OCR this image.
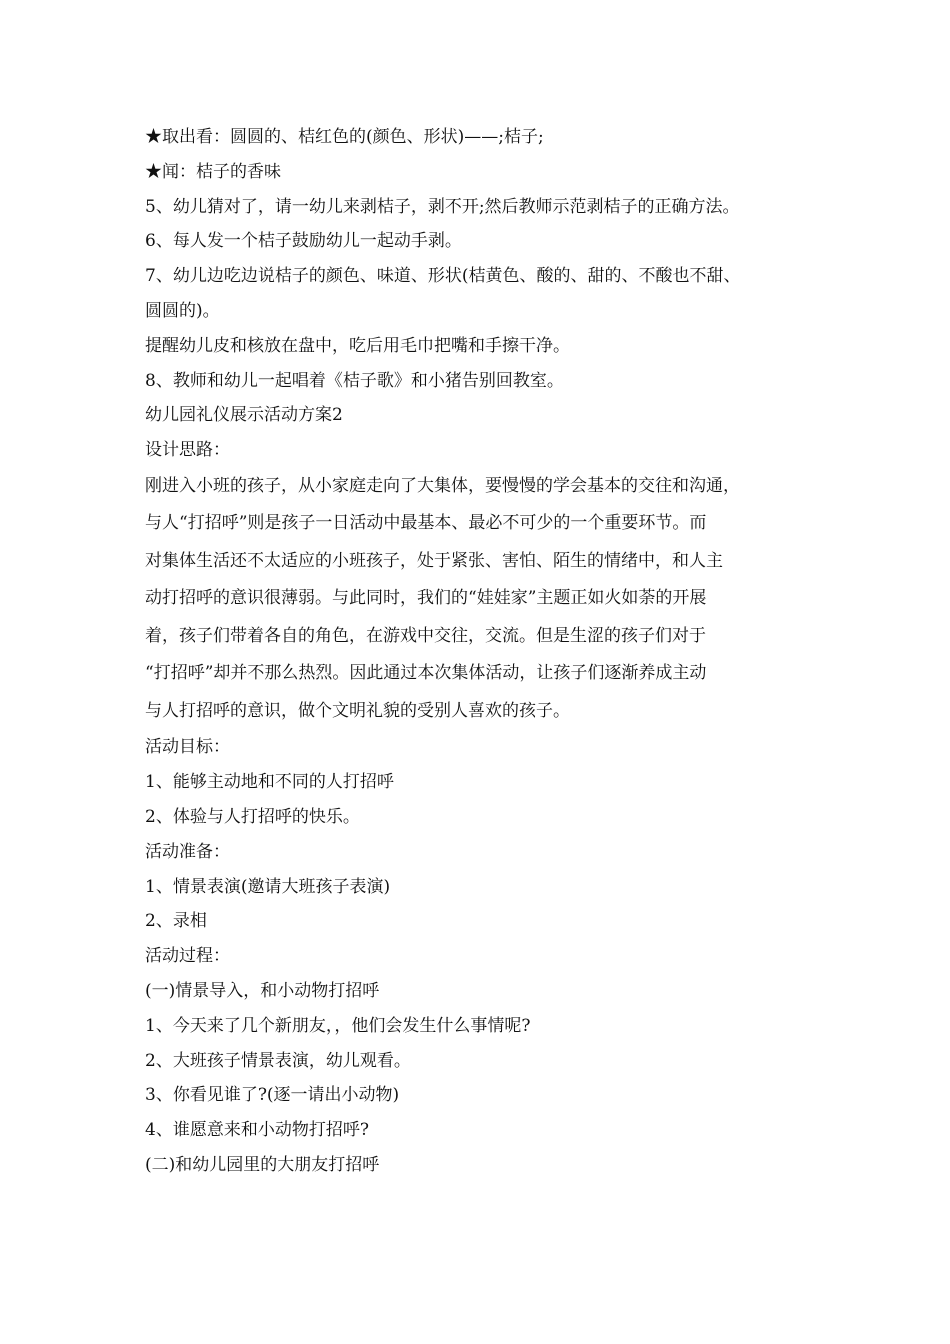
★取出看：圆圆的、桔红色的(颜色、形状)——;桔子;
★闻：桔子的香味
5、幼儿猜对了，请一幼儿来剥桔子，剥不开;然后教师示范剥桔子的正确方法。
6、每人发一个桔子鼓励幼儿一起动手剥。
7、幼儿边吃边说桔子的颜色、味道、形状(桔黄色、酸的、甜的、不酸也不甜、
圆圆的)。
提醒幼儿皮和核放在盘中，吃后用毛巾把嘴和手擦干净。
8、教师和幼儿一起唱着《桔子歌》和小猪告别回教室。
幼儿园礼仪展示活动方案2
设计思路：
刚进入小班的孩子，从小家庭走向了大集体，要慢慢的学会基本的交往和沟通，
与人“打招呼”则是孩子一日活动中最基本、最必不可少的一个重要环节。而
对集体生活还不太适应的小班孩子，处于紧张、害怕、陌生的情绪中，和人主
动打招呼的意识很薄弱。与此同时，我们的“娃娃家”主题正如火如荼的开展
着，孩子们带着各自的角色，在游戏中交往，交流。但是生涩的孩子们对于
“打招呼”却并不那么热烈。因此通过本次集体活动，让孩子们逐渐养成主动
与人打招呼的意识，做个文明礼貌的受别人喜欢的孩子。
活动目标：
1、能够主动地和不同的人打招呼
2、体验与人打招呼的快乐。
活动准备：
1、情景表演(邀请大班孩子表演)
2、录相
活动过程：
(一)情景导入，和小动物打招呼
1、今天来了几个新朋友，，他们会发生什么事情呢?
2、大班孩子情景表演，幼儿观看。
3、你看见谁了?(逐一请出小动物)
4、谁愿意来和小动物打招呼?
(二)和幼儿园里的大朋友打招呼
